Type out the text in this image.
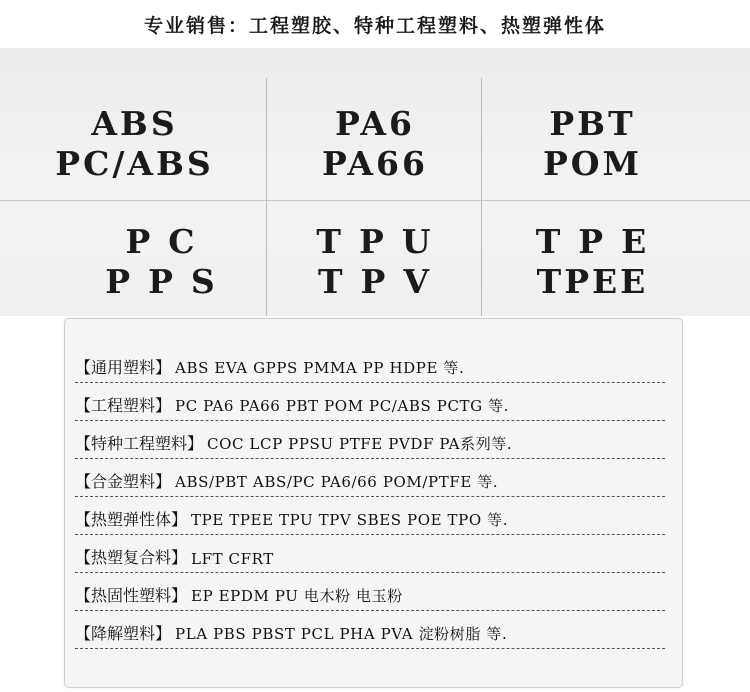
专业销售：工程塑胶、特种工程塑料、热塑弹性体
ABS
PC/ABS
PA6
PA66
PBT
POM
PC
PPS
TPU
TPV
TPE
TPEE
【通用塑料】 ABS EVA GPPS PMMA PP HDPE 等.
【工程塑料】 PC PA6 PA66 PBT POM PC/ABS PCTG 等.
【特种工程塑料】 COC LCP PPSU PTFE PVDF PA系列等.
【合金塑料】 ABS/PBT ABS/PC PA6/66 POM/PTFE 等.
【热塑弹性体】 TPE TPEE TPU TPV SBES POE TPO 等.
【热塑复合料】 LFT CFRT
【热固性塑料】 EP EPDM PU 电木粉 电玉粉
【降解塑料】 PLA PBS PBST PCL PHA PVA 淀粉树脂 等.
